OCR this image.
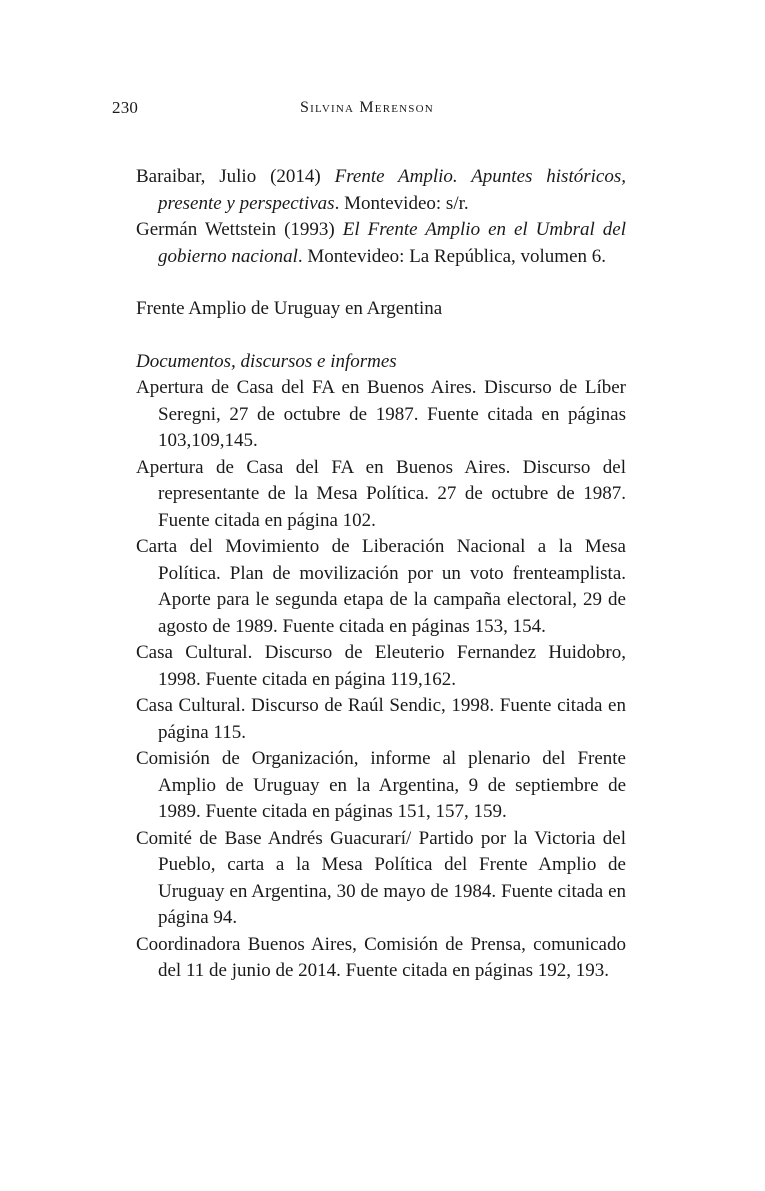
230	Silvina Merenson

Baraibar, Julio (2014) Frente Amplio. Apuntes históricos, presente y perspectivas. Montevideo: s/r.

Germán Wettstein (1993) El Frente Amplio en el Umbral del gobierno nacional. Montevideo: La República, volumen 6.

Frente Amplio de Uruguay en Argentina

Documentos, discursos e informes

Apertura de Casa del FA en Buenos Aires. Discurso de Líber Seregni, 27 de octubre de 1987. Fuente citada en páginas 103,109,145.

Apertura de Casa del FA en Buenos Aires. Discurso del representante de la Mesa Política. 27 de octubre de 1987. Fuente citada en página 102.

Carta del Movimiento de Liberación Nacional a la Mesa Política. Plan de movilización por un voto frenteamplista. Aporte para le segunda etapa de la campaña electoral, 29 de agosto de 1989. Fuente citada en páginas 153, 154.

Casa Cultural. Discurso de Eleuterio Fernandez Huidobro, 1998. Fuente citada en página 119,162.

Casa Cultural. Discurso de Raúl Sendic, 1998. Fuente citada en página 115.

Comisión de Organización, informe al plenario del Frente Amplio de Uruguay en la Argentina, 9 de septiembre de 1989. Fuente citada en páginas 151, 157, 159.

Comité de Base Andrés Guacurarí/ Partido por la Victoria del Pueblo, carta a la Mesa Política del Frente Amplio de Uruguay en Argentina, 30 de mayo de 1984. Fuente citada en página 94.

Coordinadora Buenos Aires, Comisión de Prensa, comunicado del 11 de junio de 2014. Fuente citada en páginas 192, 193.
